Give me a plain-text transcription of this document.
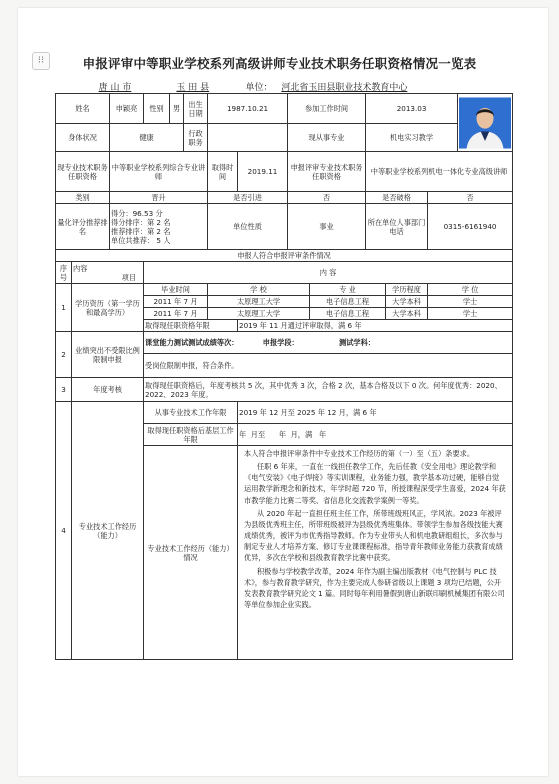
⁝⁝	申报评审中等职业学校系列高级讲师专业技术职务任职资格情况一览表
唐 山 市	玉 田 县	单位： 河北省玉田县职业技术教育中心
姓名		申颖亮	性别	男	出生日期	1987.10.21		参加工作时间		2013.03	

身体状况		健康			行政职务			现从事专业		机电实习教学			
现专业技术职务任职资格		中等职业学校系列综合专业讲师				取得时间	2019.11	申报评审专业技术职务任职资格		中等职业学校系列机电一体化专业高级讲师			
类别		晋升				是否引进		否		是否破格		否	
量化评分推荐排名		得分：96.53 分
得分排序：第 2 名
推荐排序：第 2 名
单位共推荐： 5 人				单位性质		事业		所在单位人事部门电话		0315-6161940	
申报人符合申报评审条件情况													
序号	内容
项目		内 容										
1	学历资历（第一学历和最高学历）		毕业时间			学 校			专 业		学历程度	学 位	
			2011 年 7 月			太原理工大学			电子信息工程		大学本科	学士	
			2011 年 7 月			太原理工大学			电子信息工程		大学本科	学士	
			取得现任职资格年限				2019 年 11 月通过评审取得，满 6 年						
2	业绩突出不受限比例限制申报		课堂能力测试测试成绩等次： 申报学段： 测试学科：										
			受岗位限制申报，符合条件。										
3	年度考核		取得现任职资格后，年度考核共 5 次，其中优秀 3 次，合格 2 次，基本合格及以下 0 次。何年度优秀：2020、2022、2023 年度。										
4	专业技术工作经历（能力）		从事专业技术工作年限				2019 年 12 月至 2025 年 12 月，满 6 年						
			取得现任职资格后基层工作年限				年  月至      年  月，满   年						
			专业技术工作经历（能力）情况				本人符合申报评审条件中专业技术工作经历的第（一）至（五）条要求。
任职 6 年来，一直在一线担任教学工作，先后任教《安全用电》理论教学和《电气安装》《电子焊接》等实训课程，业务能力强，教学基本功过硬，能够自觉运用教学新理念和新技术，年学时超 720 节，所授课程深受学生喜爱，2024 年获市教学能力比赛二等奖、省信息化交流教学案例一等奖。
从 2020 年起一直担任班主任工作，所带班级班风正，学风浓。2023 年被评为县级优秀班主任，所带班级被评为县级优秀班集体。带领学生参加各级技能大赛成绩优秀，被评为市优秀指导教师。作为专业带头人和机电教研组组长，多次参与制定专业人才培养方案、修订专业课课程标准，指导青年教师业务能力获教育成绩优异，多次在学校和县级教育教学比赛中获奖。
积极参与学校教学改革，2024 年作为副主编出版教材《电气控制与 PLC 技术》，参与教育教学研究，作为主要完成人参研省级以上课题 3 项均已结题，公开发表教育教学研究论文 1 篇。同时每年利用暑假到唐山新联印刷机械集团有限公司等单位参加企业实践。						
